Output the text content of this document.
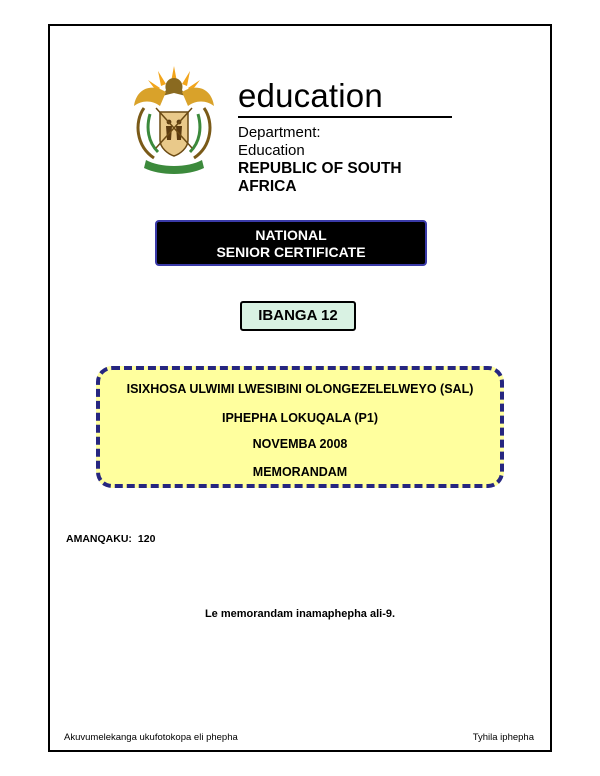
education
Department:
Education
REPUBLIC OF SOUTH AFRICA
NATIONAL
SENIOR CERTIFICATE
IBANGA 12
ISIXHOSA ULWIMI LWESIBINI OLONGEZELELWEYO (SAL)
IPHEPHA LOKUQALA (P1)
NOVEMBA 2008
MEMORANDAM
AMANQAKU: 120
Le memorandam inamaphepha ali-9.
Akuvumelekanga ukufotokopa eli phepha	Tyhila iphepha
